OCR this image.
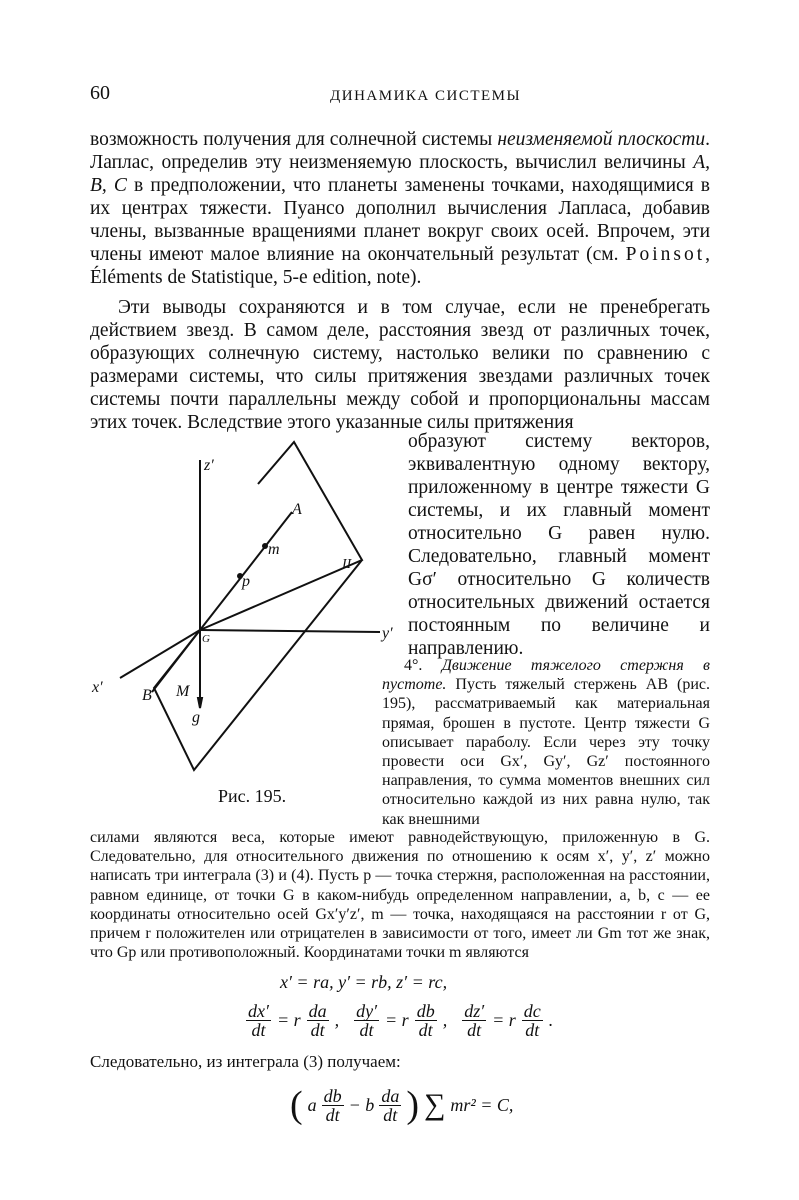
60	ДИНАМИКА СИСТЕМЫ
возможность получения для солнечной системы неизменяемой плоскости. Лаплас, определив эту неизменяемую плоскость, вычислил величины A, B, C в предположении, что планеты заменены точками, находящимися в их центрах тяжести. Пуансо дополнил вычисления Лапласа, добавив члены, вызванные вращениями планет вокруг своих осей. Впрочем, эти члены имеют малое влияние на окончательный результат (см. Poinsot, Éléments de Statistique, 5-e edition, note).
Эти выводы сохраняются и в том случае, если не пренебрегать действием звезд. В самом деле, расстояния звезд от различных точек, образующих солнечную систему, настолько велики по сравнению с размерами системы, что силы притяжения звездами различных точек системы почти параллельны между собой и пропорциональны массам этих точек. Вследствие этого указанные силы притяжения
образуют систему векторов, эквивалентную одному вектору, приложенному в центре тяжести G системы, и их главный момент относительно G равен нулю. Следовательно, главный момент Gσ′ относительно G количеств относительных движений остается постоянным по величине и направлению.
z′
y′
x′
G
A
B
m
p
M
g
II
Рис. 195.
4°. Движение тяжелого стержня в пустоте. Пусть тяжелый стержень AB (рис. 195), рассматриваемый как материальная прямая, брошен в пустоте. Центр тяжести G описывает параболу. Если через эту точку провести оси Gx′, Gy′, Gz′ постоянного направления, то сумма моментов внешних сил относительно каждой из них равна нулю, так как внешними
силами являются веса, которые имеют равнодействующую, приложенную в G. Следовательно, для относительного движения по отношению к осям x′, y′, z′ можно написать три интеграла (3) и (4). Пусть p — точка стержня, расположенная на расстоянии, равном единице, от точки G в каком-нибудь определенном направлении, a, b, c — ее координаты относительно осей Gx′y′z′, m — точка, находящаяся на расстоянии r от G, причем r положителен или отрицателен в зависимости от того, имеет ли Gm тот же знак, что Gp или противоположный. Координатами точки m являются
x′ = ra, y′ = rb, z′ = rc,
$\frac{dx'}{dt} = r \frac{da}{dt}$ , $\frac{dy'}{dt} = r \frac{db}{dt}$ , $\frac{dz'}{dt} = r \frac{dc}{dt}$ .
Следовательно, из интеграла (3) получаем:
( a $\frac{db}{dt} - b \frac{da}{dt}$ ) ∑ mr² = C,
